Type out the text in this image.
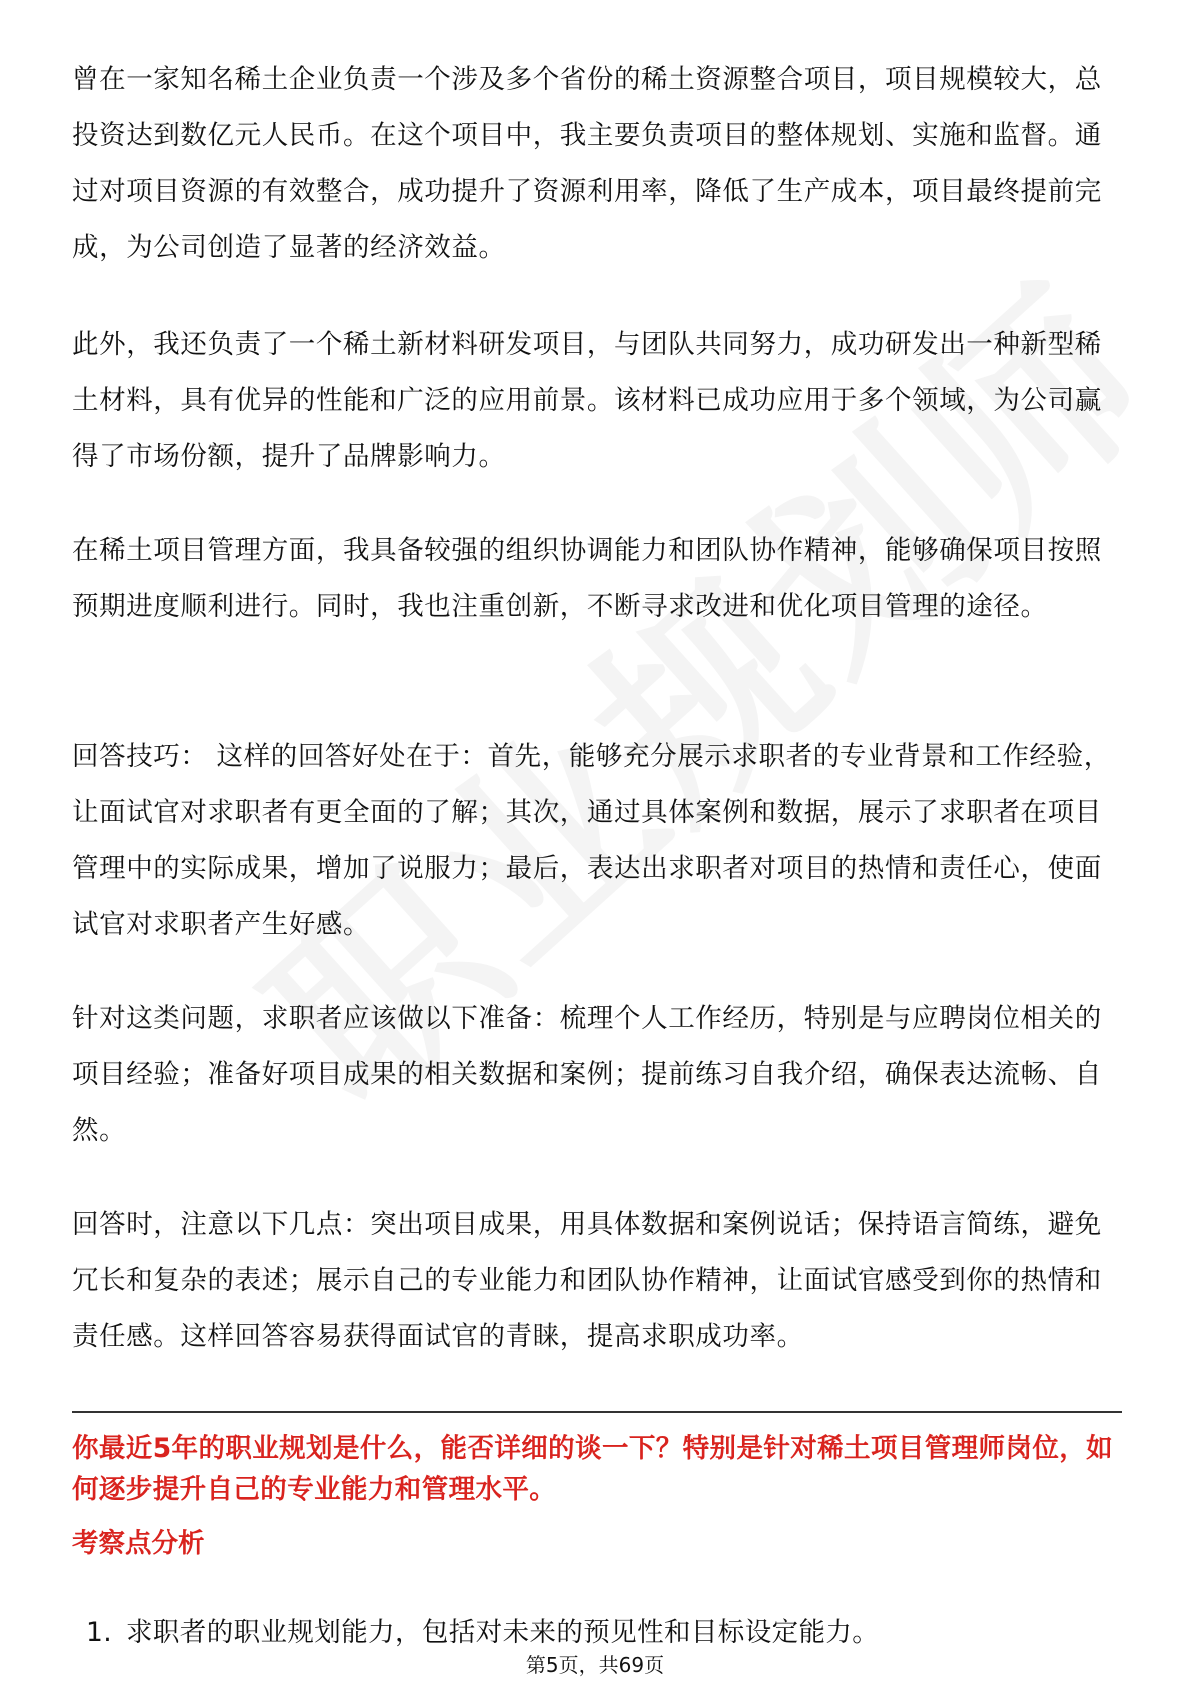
曾在一家知名稀土企业负责一个涉及多个省份的稀土资源整合项目，项目规模较大，总投资达到数亿元人民币。在这个项目中，我主要负责项目的整体规划、实施和监督。通过对项目资源的有效整合，成功提升了资源利用率，降低了生产成本，项目最终提前完成，为公司创造了显著的经济效益。

此外，我还负责了一个稀土新材料研发项目，与团队共同努力，成功研发出一种新型稀土材料，具有优异的性能和广泛的应用前景。该材料已成功应用于多个领域，为公司赢得了市场份额，提升了品牌影响力。

在稀土项目管理方面，我具备较强的组织协调能力和团队协作精神，能够确保项目按照预期进度顺利进行。同时，我也注重创新，不断寻求改进和优化项目管理的途径。

回答技巧： 这样的回答好处在于：首先，能够充分展示求职者的专业背景和工作经验，让面试官对求职者有更全面的了解；其次，通过具体案例和数据，展示了求职者在项目管理中的实际成果，增加了说服力；最后，表达出求职者对项目的热情和责任心，使面试官对求职者产生好感。

针对这类问题，求职者应该做以下准备：梳理个人工作经历，特别是与应聘岗位相关的项目经验；准备好项目成果的相关数据和案例；提前练习自我介绍，确保表达流畅、自然。

回答时，注意以下几点：突出项目成果，用具体数据和案例说话；保持语言简练，避免冗长和复杂的表述；展示自己的专业能力和团队协作精神，让面试官感受到你的热情和责任感。这样回答容易获得面试官的青睐，提高求职成功率。

你最近5年的职业规划是什么，能否详细的谈一下？特别是针对稀土项目管理师岗位，如何逐步提升自己的专业能力和管理水平。

考察点分析

1. 求职者的职业规划能力，包括对未来的预见性和目标设定能力。

第5页，共69页
